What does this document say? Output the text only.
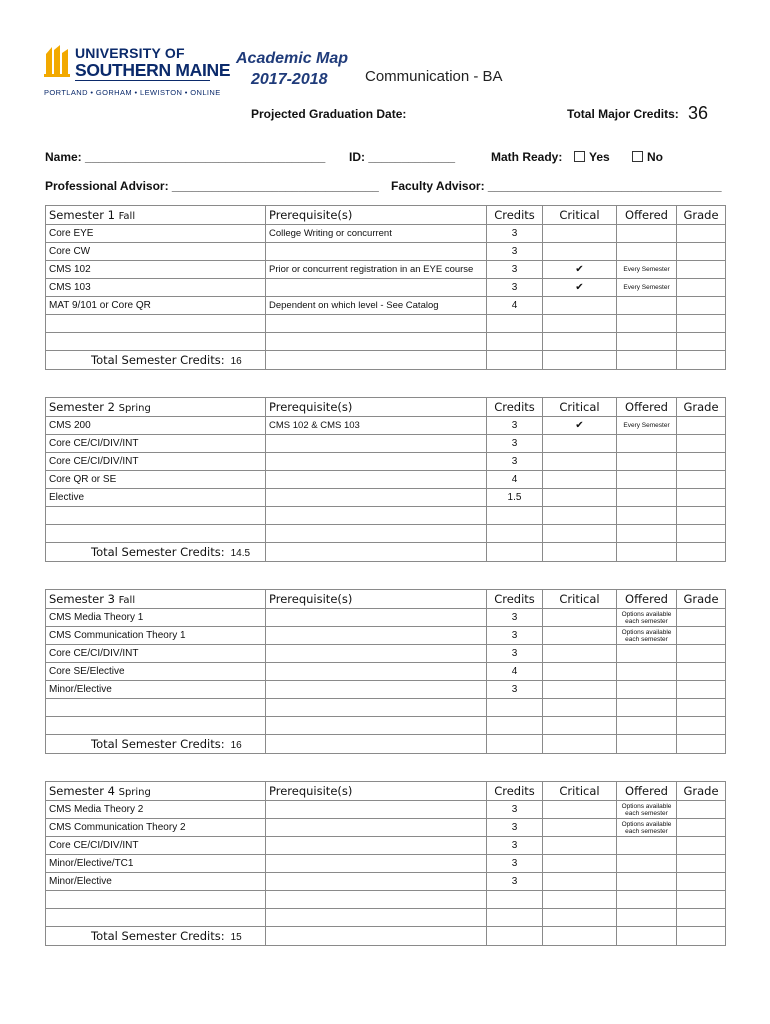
UNIVERSITY OF
SOUTHERN MAINE
PORTLAND • GORHAM • LEWISTON • ONLINE
Academic Map
2017-2018 Communication - BA
Projected Graduation Date:	Total Major Credits: 36
Name: ____________________________________ ID: _____________	Math Ready:	Yes	No
Professional Advisor: _______________________________ Faculty Advisor: ___________________________________
Semester 1 Fall	Prerequisite(s)	Credits	Critical	Offered	Grade
Core EYE	College Writing or concurrent	3			
Core CW		3			
CMS 102	Prior or concurrent registration in an EYE course	3	✔	Every Semester	
CMS 103		3	✔	Every Semester	
MAT 9/101 or Core QR	Dependent on which level - See Catalog	4			

Total Semester Credits: 16					
Semester 2 Spring	Prerequisite(s)	Credits	Critical	Offered	Grade
CMS 200	CMS 102 & CMS 103	3	✔	Every Semester	
Core CE/CI/DIV/INT		3			
Core CE/CI/DIV/INT		3			
Core QR or SE		4			
Elective		1.5			

Total Semester Credits: 14.5					
Semester 3 Fall	Prerequisite(s)	Credits	Critical	Offered	Grade
CMS Media Theory 1		3		Options available each semester	
CMS Communication Theory 1		3		Options available each semester	
Core CE/CI/DIV/INT		3			
Core SE/Elective		4			
Minor/Elective		3			

Total Semester Credits: 16					
Semester 4 Spring	Prerequisite(s)	Credits	Critical	Offered	Grade
CMS Media Theory 2		3		Options available each semester	
CMS Communication Theory 2		3		Options available each semester	
Core CE/CI/DIV/INT		3			
Minor/Elective/TC1		3			
Minor/Elective		3			

Total Semester Credits: 15					
